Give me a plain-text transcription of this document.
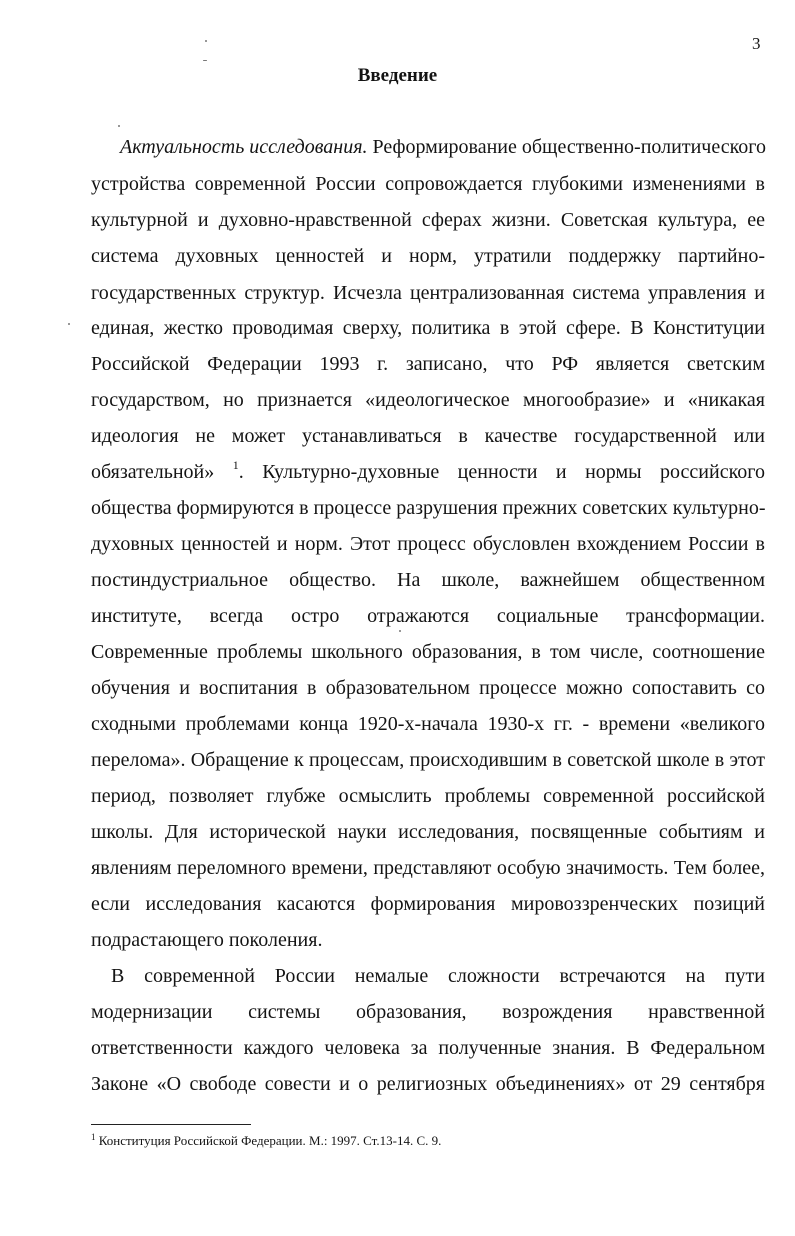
3
Введение
Актуальность исследования. Реформирование общественно-политического
устройства современной России сопровождается глубокими изменениями в
культурной и духовно-нравственной сферах жизни. Советская культура, ее
система духовных ценностей и норм, утратили поддержку партийно-
государственных структур. Исчезла централизованная система управления и
единая, жестко проводимая сверху, политика в этой сфере. В Конституции
Российской Федерации 1993 г. записано, что РФ является светским
государством, но признается «идеологическое многообразие» и «никакая
идеология не может устанавливаться в качестве государственной или
обязательной» $^1$. Культурно-духовные ценности и нормы российского
общества формируются в процессе разрушения прежних советских культурно-
духовных ценностей и норм. Этот процесс обусловлен вхождением России в
постиндустриальное общество. На школе, важнейшем общественном
институте, всегда остро отражаются социальные трансформации.
Современные проблемы школьного образования, в том числе, соотношение
обучения и воспитания в образовательном процессе можно сопоставить со
сходными проблемами конца 1920-х-начала 1930-х гг. - времени «великого
перелома». Обращение к процессам, происходившим в советской школе в этот
период, позволяет глубже осмыслить проблемы современной российской
школы. Для исторической науки исследования, посвященные событиям и
явлениям переломного времени, представляют особую значимость. Тем более,
если исследования касаются формирования мировоззренческих позиций
подрастающего поколения.
В современной России немалые сложности встречаются на пути
модернизации системы образования, возрождения нравственной
ответственности каждого человека за полученные знания. В Федеральном
Законе «О свободе совести и о религиозных объединениях» от 29 сентября
$^1$ Конституция Российской Федерации. М.: 1997. Ст.13-14. С. 9.
